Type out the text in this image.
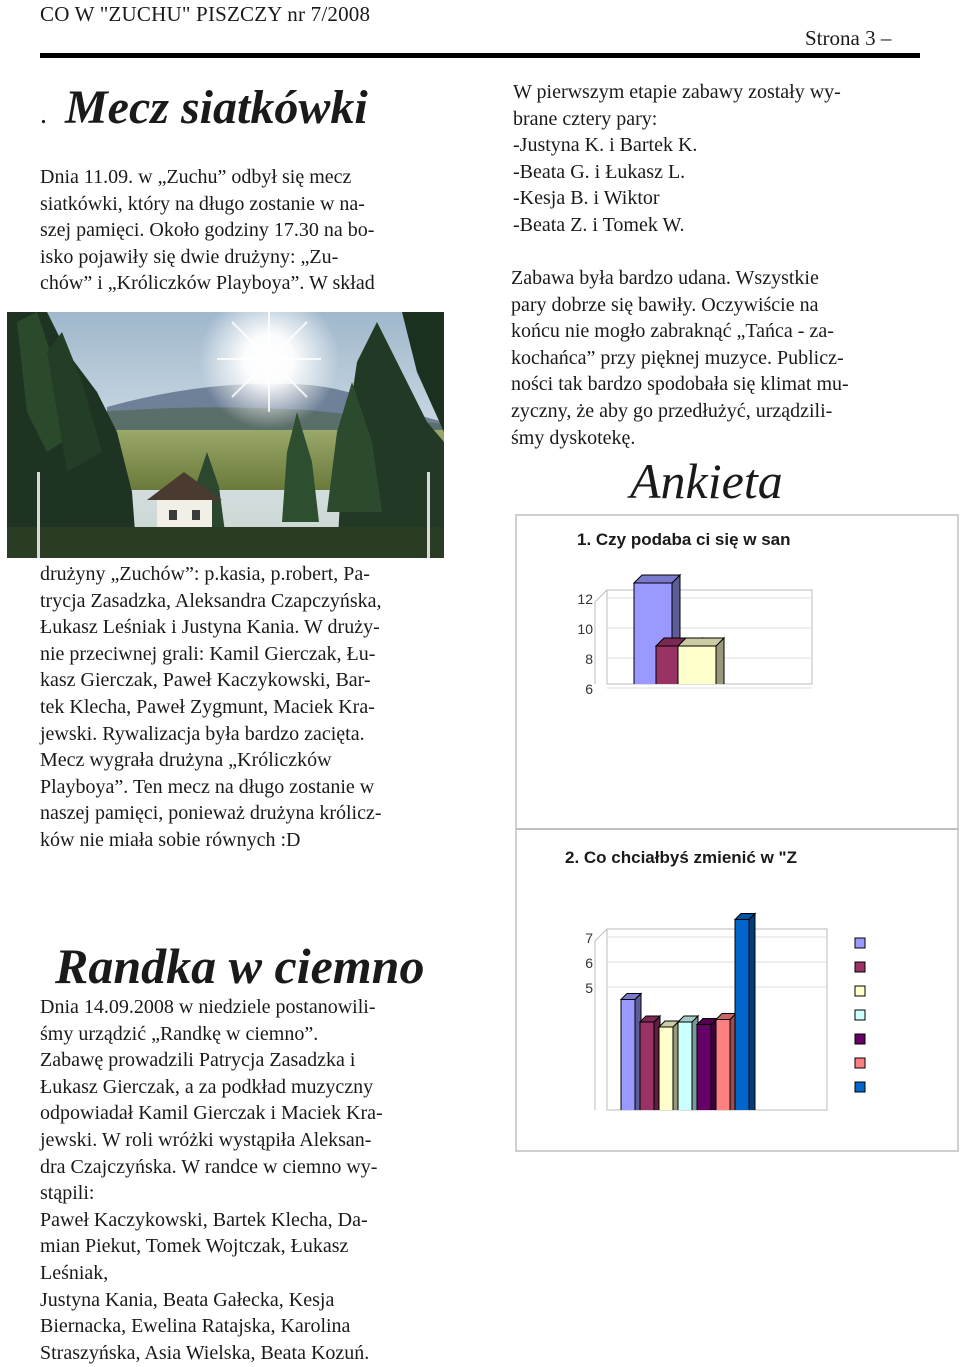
CO W "ZUCHU" PISZCZY nr 7/2008
Strona 3 –
. Mecz siatkówki

Dnia 11.09. w „Zuchu” odbył się mecz

siatkówki, który na długo zostanie w na-

szej pamięci. Około godziny 17.30 na bo-

isko pojawiły się dwie drużyny: „Zu-

chów” i „Króliczków Playboya”. W skład

drużyny „Zuchów”: p.kasia, p.robert, Pa-

trycja Zasadzka, Aleksandra Czapczyńska,

Łukasz Leśniak i Justyna Kania. W druży-

nie przeciwnej grali: Kamil Gierczak, Łu-

kasz Gierczak, Paweł Kaczykowski, Bar-

tek Klecha, Paweł Zygmunt, Maciek Kra-

jewski. Rywalizacja była bardzo zacięta.

Mecz wygrała drużyna „Króliczków

Playboya”. Ten mecz na długo zostanie w

naszej pamięci, ponieważ drużyna królicz-

ków nie miała sobie równych :D

Randka w ciemno

Dnia 14.09.2008 w niedziele postanowili-

śmy urządzić „Randkę w ciemno”.

Zabawę prowadzili Patrycja Zasadzka i

Łukasz Gierczak, a za podkład muzyczny

odpowiadał Kamil Gierczak i Maciek Kra-

jewski. W roli wróżki wystąpiła Aleksan-

dra Czajczyńska. W randce w ciemno wy-

stąpili:

Paweł Kaczykowski, Bartek Klecha, Da-

mian Piekut, Tomek Wojtczak, Łukasz

Leśniak,

Justyna Kania, Beata Gałecka, Kesja

Biernacka, Ewelina Ratajska, Karolina

Straszyńska, Asia Wielska, Beata Kozuń.

W pierwszym etapie zabawy zostały wy-

brane cztery pary:

-Justyna K. i Bartek K.

-Beata G. i Łukasz L.

-Kesja B. i Wiktor

-Beata Z. i Tomek W.

Zabawa była bardzo udana. Wszystkie

pary dobrze się bawiły. Oczywiście na

końcu nie mogło zabraknąć „Tańca - za-

kochańca” przy pięknej muzyce. Publicz-

ności tak bardzo spodobała się klimat mu-

zyczny, że aby go przedłużyć, urządzili-

śmy dyskotekę.

Ankieta
1. Czy podaba ci się w san
12
10
8
6
2. Co chciałbyś zmienić w "Z
7
6
5
